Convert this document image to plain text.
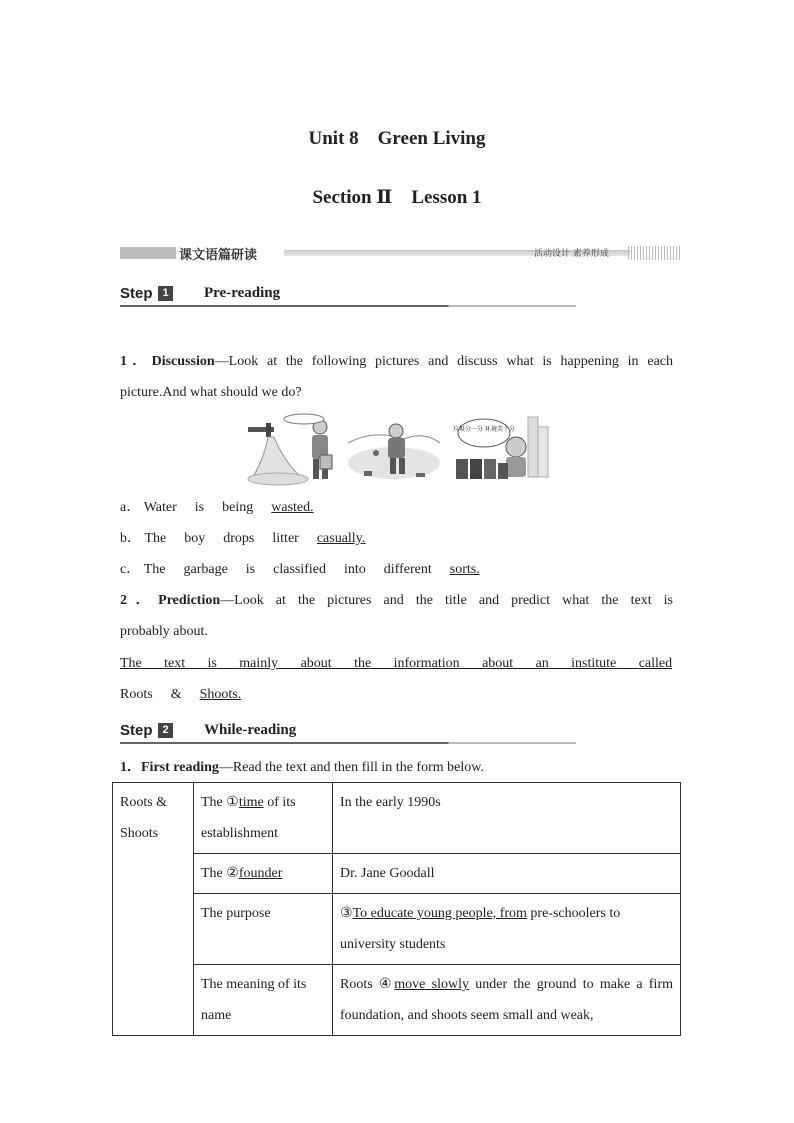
Unit 8　Green Living
Section Ⅱ　Lesson 1
课文语篇研读	活动设计 素养形成
Step 1 Pre-reading
1．Discussion—Look at the following pictures and discuss what is happening in each
picture.And what should we do?
垃圾分一分 环境美十分
a． Water is being wasted.
b． The boy drops litter casually.
c． The garbage is classified into different sorts.
2．Prediction—Look at the pictures and the title and predict what the text is
probably about.
The text is mainly about the information about an institute called
Roots & Shoots.
Step 2 While-reading
1．First reading—Read the text and then fill in the form below.
Roots & Shoots	The ①time of its establishment	In the early 1990s
	The ②founder	Dr. Jane Goodall
	The purpose	③To educate young people, from pre-schoolers to university students
	The meaning of its name	Roots ④move slowly under the ground to make a firm foundation, and shoots seem small and weak,
